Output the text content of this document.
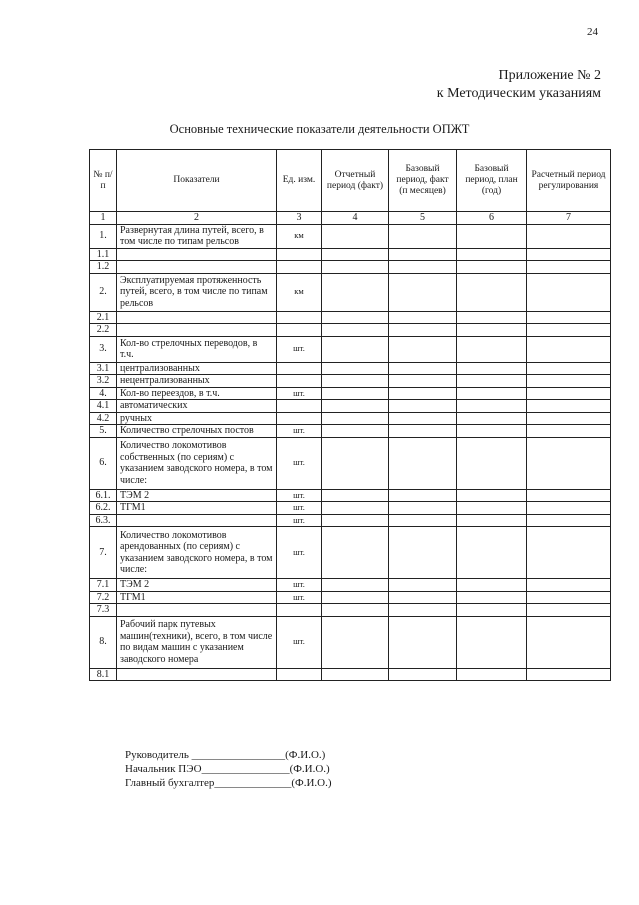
24
Приложение № 2
к Методическим указаниям
Основные технические показатели деятельности ОПЖТ
№ п/п	Показатели	Ед. изм.	Отчетный период (факт)	Базовый период, факт (п месяцев)	Базовый период, план (год)	Расчетный период регулирования
1	2	3	4	5	6	7
1.	Развернутая длина путей, всего, в том числе по типам рельсов	км				
1.1						
1.2						
2.	Эксплуатируемая протяженность путей, всего, в том числе по типам рельсов	км				
2.1						
2.2						
3.	Кол-во стрелочных переводов, в т.ч.	шт.				
3.1	централизованных					
3.2	нецентрализованных					
4.	Кол-во переездов, в т.ч.	шт.				
4.1	автоматических					
4.2	ручных					
5.	Количество стрелочных постов	шт.				
6.	Количество локомотивов собственных (по сериям) с указанием заводского номера, в том числе:	шт.				
6.1.	ТЭМ 2	шт.				
6.2.	ТГМ1	шт.				
6.3.		шт.				
7.	Количество локомотивов арендованных (по сериям) с указанием заводского номера, в том числе:	шт.				
7.1	ТЭМ 2	шт.				
7.2	ТГМ1	шт.				
7.3						
8.	Рабочий парк путевых машин(техники), всего, в том числе по видам машин с указанием заводского номера	шт.				
8.1						
Руководитель _________________(Ф.И.О.)
Начальник ПЭО________________(Ф.И.О.)
Главный бухгалтер______________(Ф.И.О.)
